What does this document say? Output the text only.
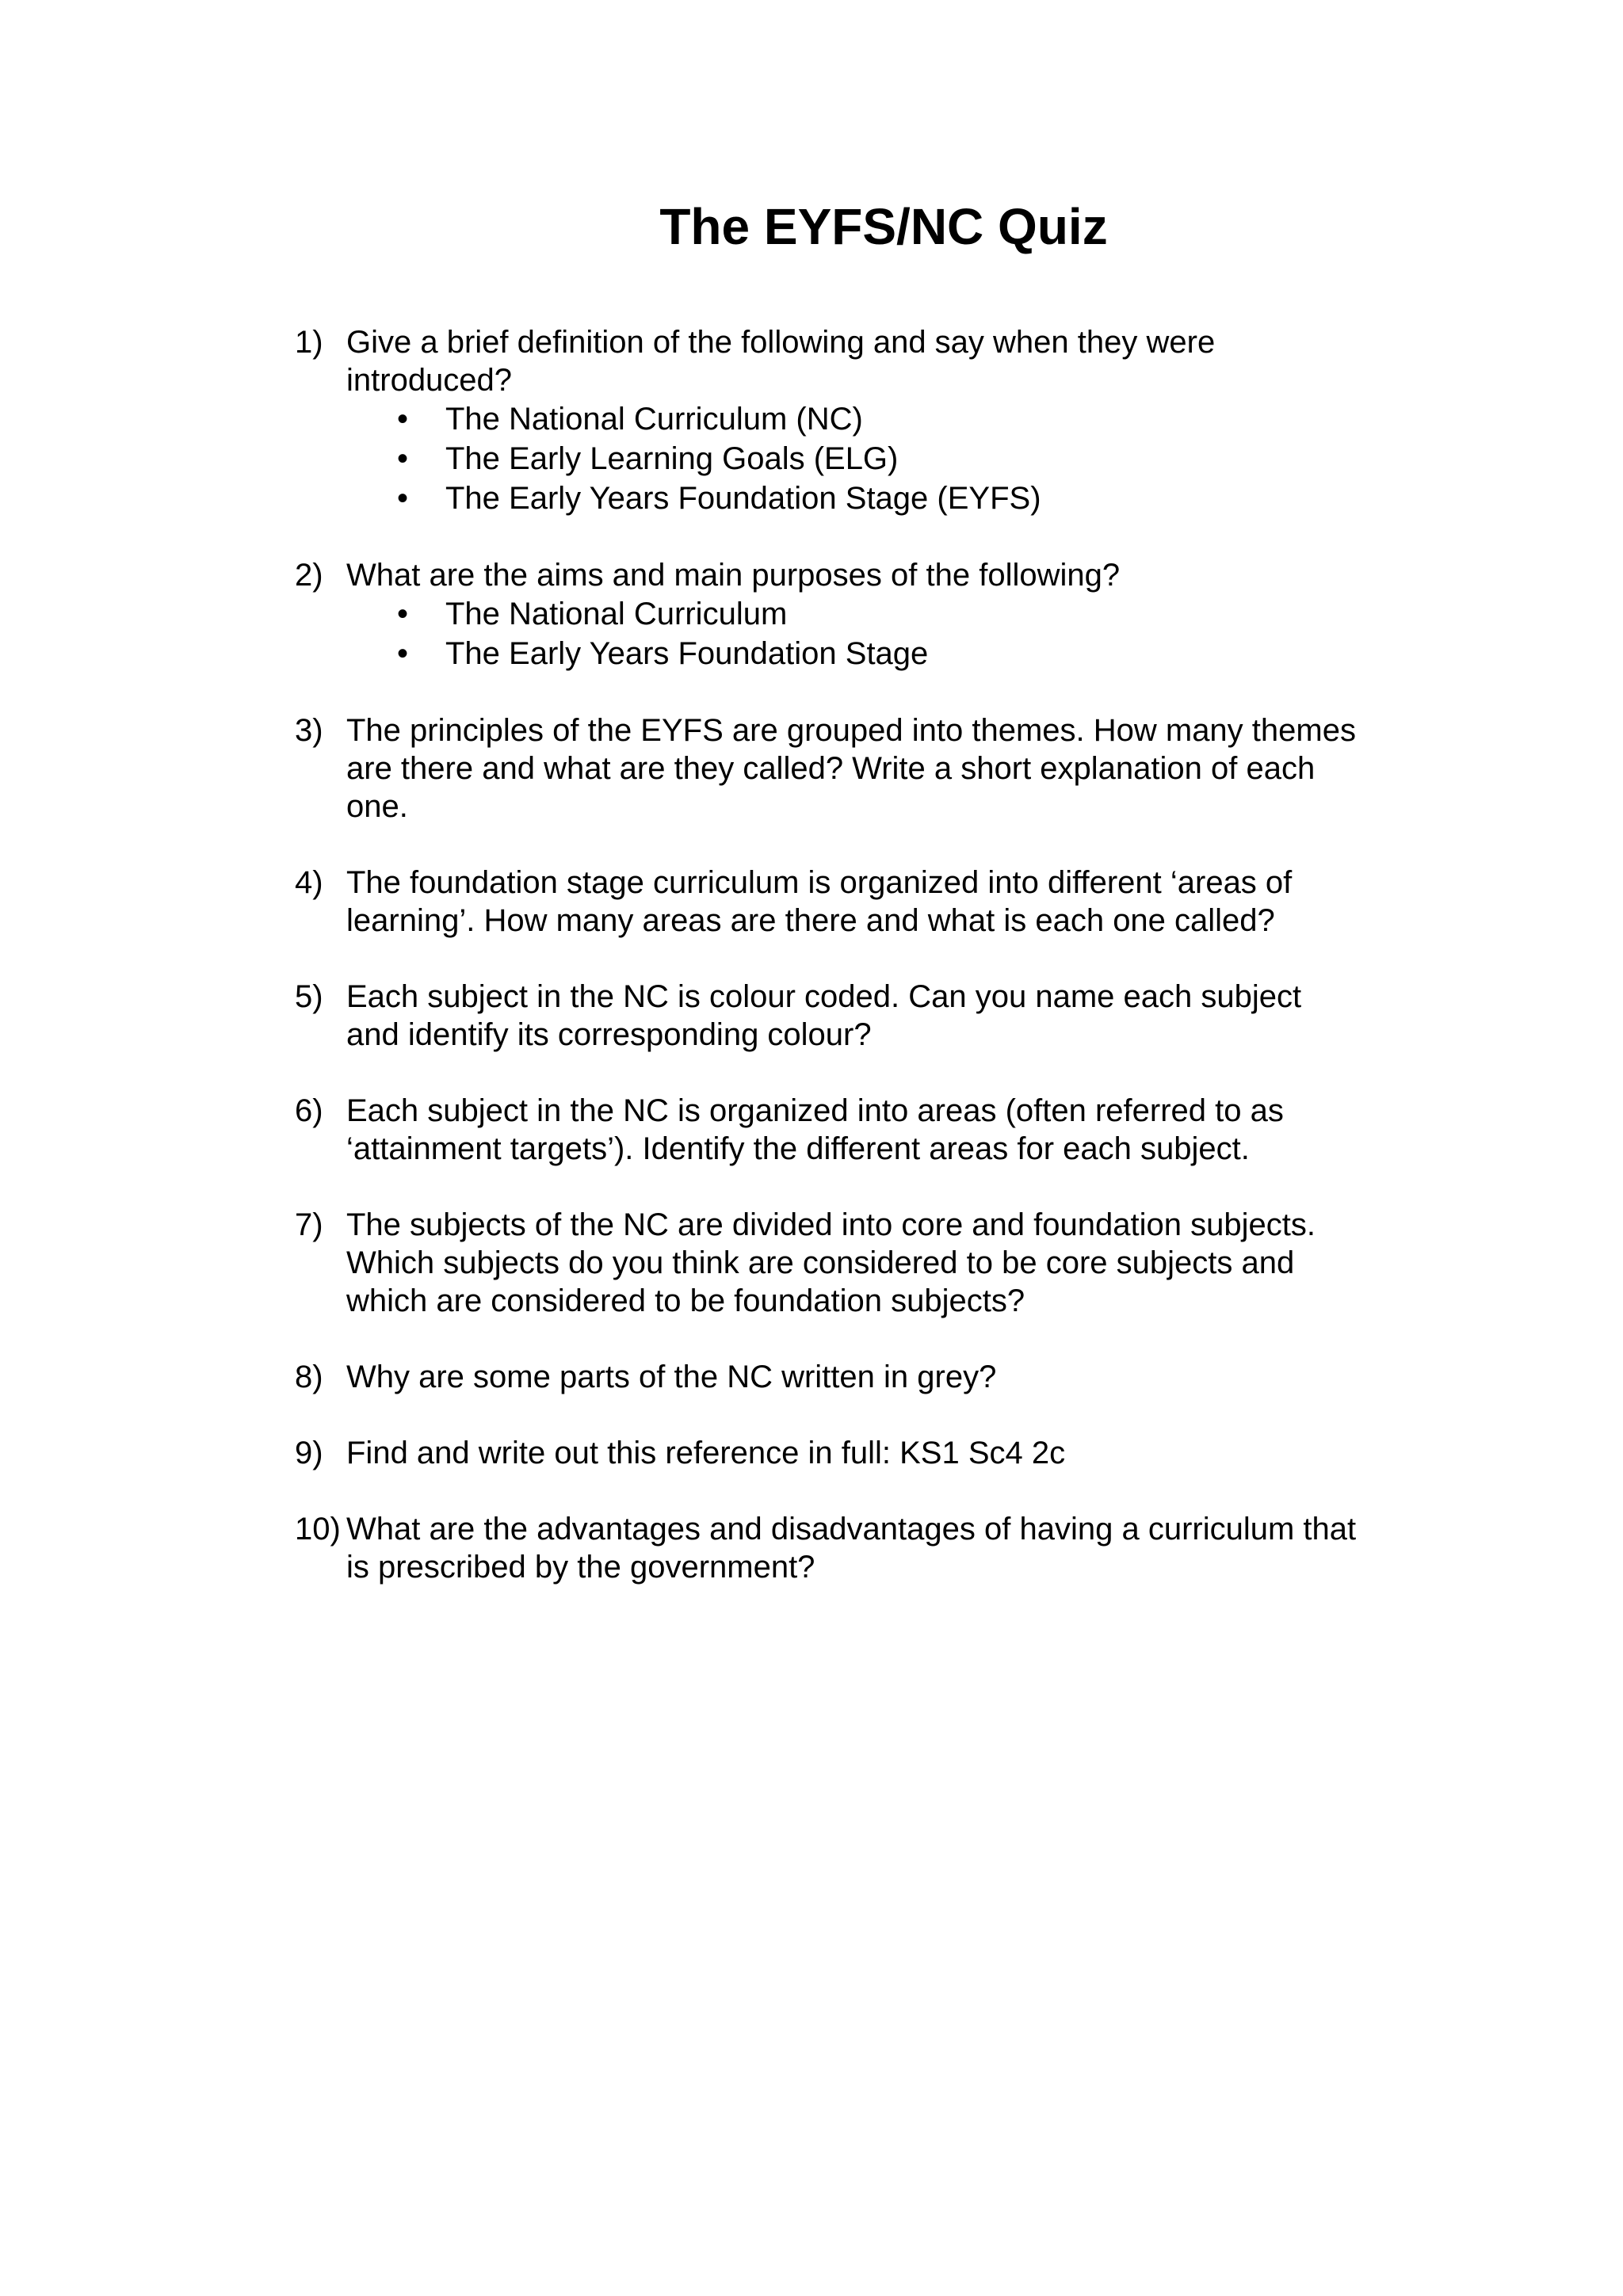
The EYFS/NC Quiz
1) Give a brief definition of the following and say when they were introduced?
• The National Curriculum (NC)
• The Early Learning Goals (ELG)
• The Early Years Foundation Stage (EYFS)
2) What are the aims and main purposes of the following?
• The National Curriculum
• The Early Years Foundation Stage
3) The principles of the EYFS are grouped into themes. How many themes are there and what are they called? Write a short explanation of each one.
4) The foundation stage curriculum is organized into different ‘areas of learning’. How many areas are there and what is each one called?
5) Each subject in the NC is colour coded. Can you name each subject and identify its corresponding colour?
6) Each subject in the NC is organized into areas (often referred to as ‘attainment targets’). Identify the different areas for each subject.
7) The subjects of the NC are divided into core and foundation subjects. Which subjects do you think are considered to be core subjects and which are considered to be foundation subjects?
8) Why are some parts of the NC written in grey?
9) Find and write out this reference in full: KS1 Sc4 2c
10) What are the advantages and disadvantages of having a curriculum that is prescribed by the government?
